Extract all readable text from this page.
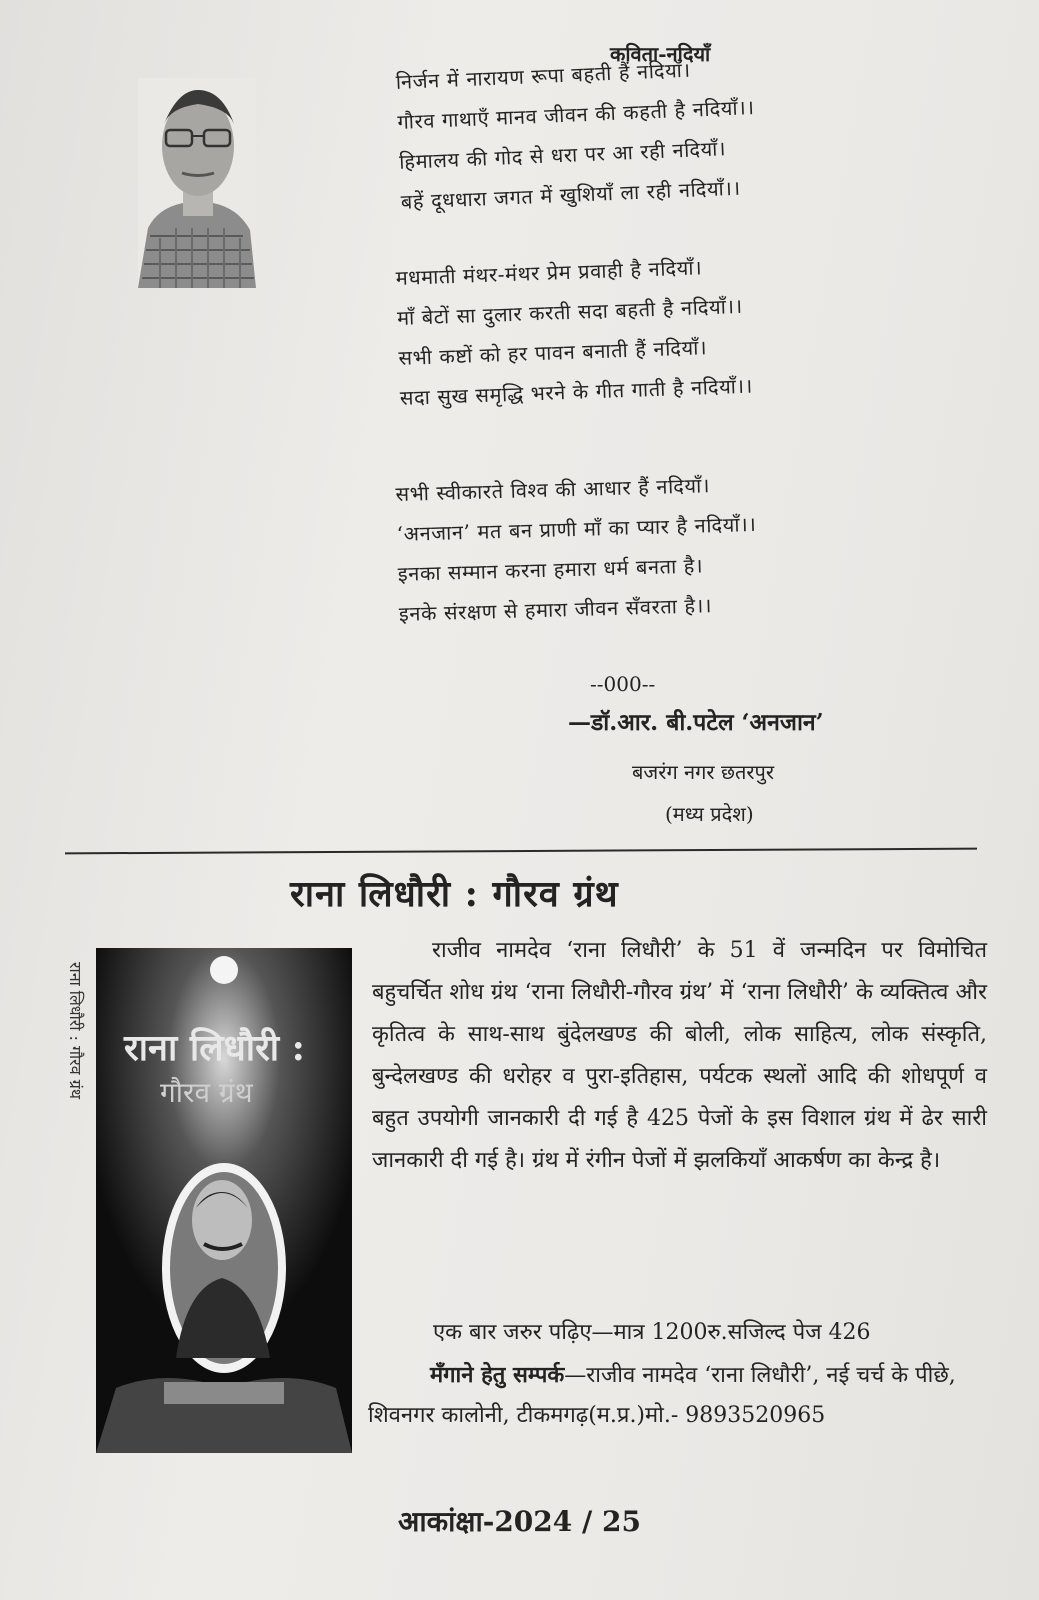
कविता-नदियाँ
निर्जन में नारायण रूपा बहती हैं नदियाँ।
गौरव गाथाएँ मानव जीवन की कहती है नदियाँ।।
हिमालय की गोद से धरा पर आ रही नदियाँ।
बहें दूधधारा जगत में खुशियाँ ला रही नदियाँ।।
मधमाती मंथर-मंथर प्रेम प्रवाही है नदियाँ।
माँ बेटों सा दुलार करती सदा बहती है नदियाँ।।
सभी कष्टों को हर पावन बनाती हैं नदियाँ।
सदा सुख समृद्धि भरने के गीत गाती है नदियाँ।।
सभी स्वीकारते विश्व की आधार हैं नदियाँ।
‘अनजान’ मत बन प्राणी माँ का प्यार है नदियाँ।।
इनका सम्मान करना हमारा धर्म बनता है।
इनके संरक्षण से हमारा जीवन सँवरता है।।
--000--
—डॉ.आर. बी.पटेल ‘अनजान’
बजरंग नगर छतरपुर
(मध्य प्रदेश)
राना लिधौरी : गौरव ग्रंथ
राना लिधौरी : गौरव ग्रंथ राना लिधौरी :
गौरव ग्रंथ

राजीव नामदेव ‘राना लिधौरी’ के 51 वें जन्मदिन पर विमोचित बहुचर्चित शोध ग्रंथ ‘राना लिधौरी-गौरव ग्रंथ’ में ‘राना लिधौरी’ के व्यक्तित्व और कृतित्व के साथ-साथ बुंदेलखण्ड की बोली, लोक साहित्य, लोक संस्कृति, बुन्देलखण्ड की धरोहर व पुरा-इतिहास, पर्यटक स्थलों आदि की शोधपूर्ण व बहुत उपयोगी जानकारी दी गई है 425 पेजों के इस विशाल ग्रंथ में ढेर सारी जानकारी दी गई है। ग्रंथ में रंगीन पेजों में झलकियाँ आकर्षण का केन्द्र है।

एक बार जरुर पढ़िए—मात्र 1200रु.सजिल्द पेज 426
मँगाने हेतु सम्पर्क—राजीव नामदेव ‘राना लिधौरी’, नई चर्च के पीछे, शिवनगर कालोनी, टीकमगढ़(म.प्र.)मो.- 9893520965
आकांक्षा-2024 / 25
